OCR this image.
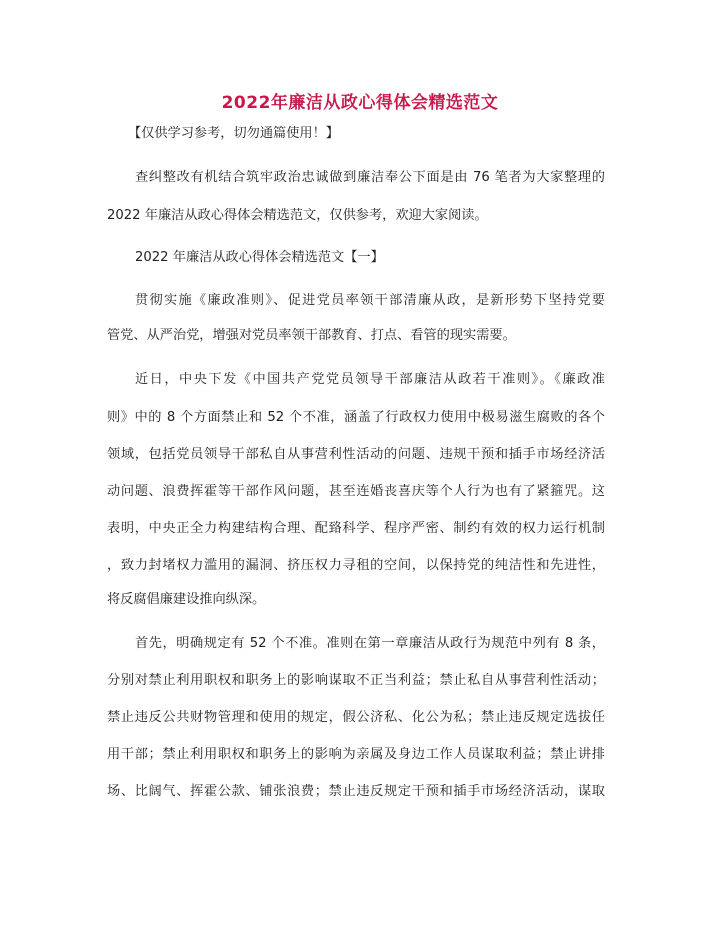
2022年廉洁从政心得体会精选范文
【仅供学习参考，切勿通篇使用！】
查纠整改有机结合筑牢政治忠诚做到廉洁奉公下面是由 76 笔者为大家整理的
2022 年廉洁从政心得体会精选范文，仅供参考，欢迎大家阅读。
2022 年廉洁从政心得体会精选范文【一】
贯彻实施《廉政准则》、促进党员率领干部清廉从政，是新形势下坚持党要
管党、从严治党，增强对党员率领干部教育、打点、看管的现实需要。
近日，中央下发《中国共产党党员领导干部廉洁从政若干准则》。《廉政准
则》中的 8 个方面禁止和 52 个不准，涵盖了行政权力使用中极易滋生腐败的各个
领域，包括党员领导干部私自从事营利性活动的问题、违规干预和插手市场经济活
动问题、浪费挥霍等干部作风问题，甚至连婚丧喜庆等个人行为也有了紧箍咒。这
表明，中央正全力构建结构合理、配臵科学、程序严密、制约有效的权力运行机制
，致力封堵权力滥用的漏洞、挤压权力寻租的空间，以保持党的纯洁性和先进性，
将反腐倡廉建设推向纵深。
首先，明确规定有 52 个不准。准则在第一章廉洁从政行为规范中列有 8 条，
分别对禁止利用职权和职务上的影响谋取不正当利益；禁止私自从事营利性活动；
禁止违反公共财物管理和使用的规定，假公济私、化公为私；禁止违反规定选拔任
用干部；禁止利用职权和职务上的影响为亲属及身边工作人员谋取利益；禁止讲排
场、比阔气、挥霍公款、铺张浪费；禁止违反规定干预和插手市场经济活动，谋取
